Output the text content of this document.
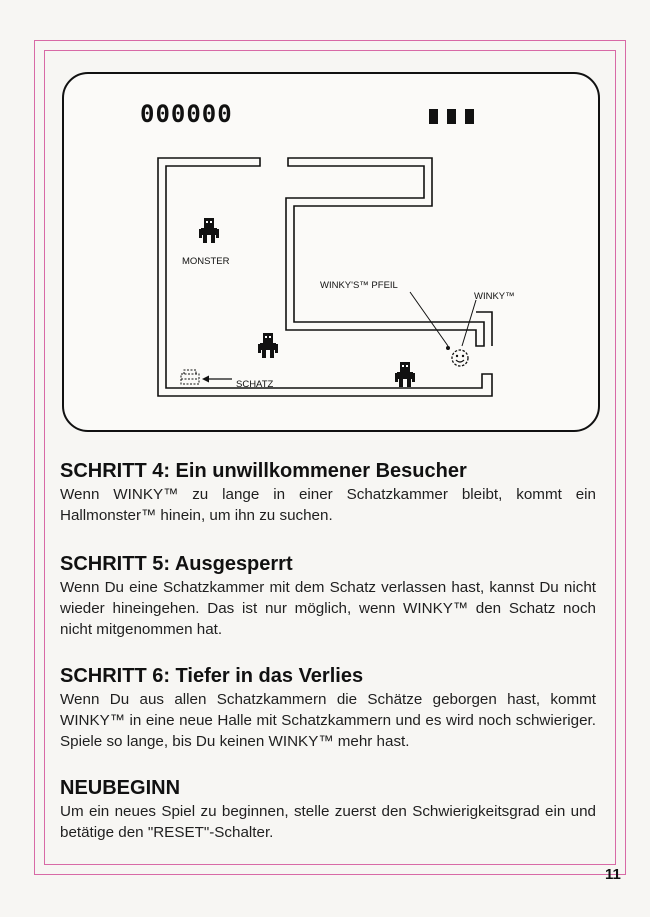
000000

MONSTER

SCHATZ

WINKY'S™ PFEIL

WINKY™

SCHRITT 4: Ein unwillkommener Besucher

Wenn WINKY™ zu lange in einer Schatzkammer bleibt, kommt ein Hallmonster™ hinein, um ihn zu suchen.

SCHRITT 5: Ausgesperrt

Wenn Du eine Schatzkammer mit dem Schatz verlassen hast, kannst Du nicht wieder hineingehen. Das ist nur möglich, wenn WINKY™ den Schatz noch nicht mitgenommen hat.

SCHRITT 6: Tiefer in das Verlies

Wenn Du aus allen Schatzkammern die Schätze geborgen hast, kommt WINKY™ in eine neue Halle mit Schatzkammern und es wird noch schwieriger. Spiele so lange, bis Du keinen WINKY™ mehr hast.

NEUBEGINN

Um ein neues Spiel zu beginnen, stelle zuerst den Schwierigkeitsgrad ein und betätige den "RESET"-Schalter.

11
